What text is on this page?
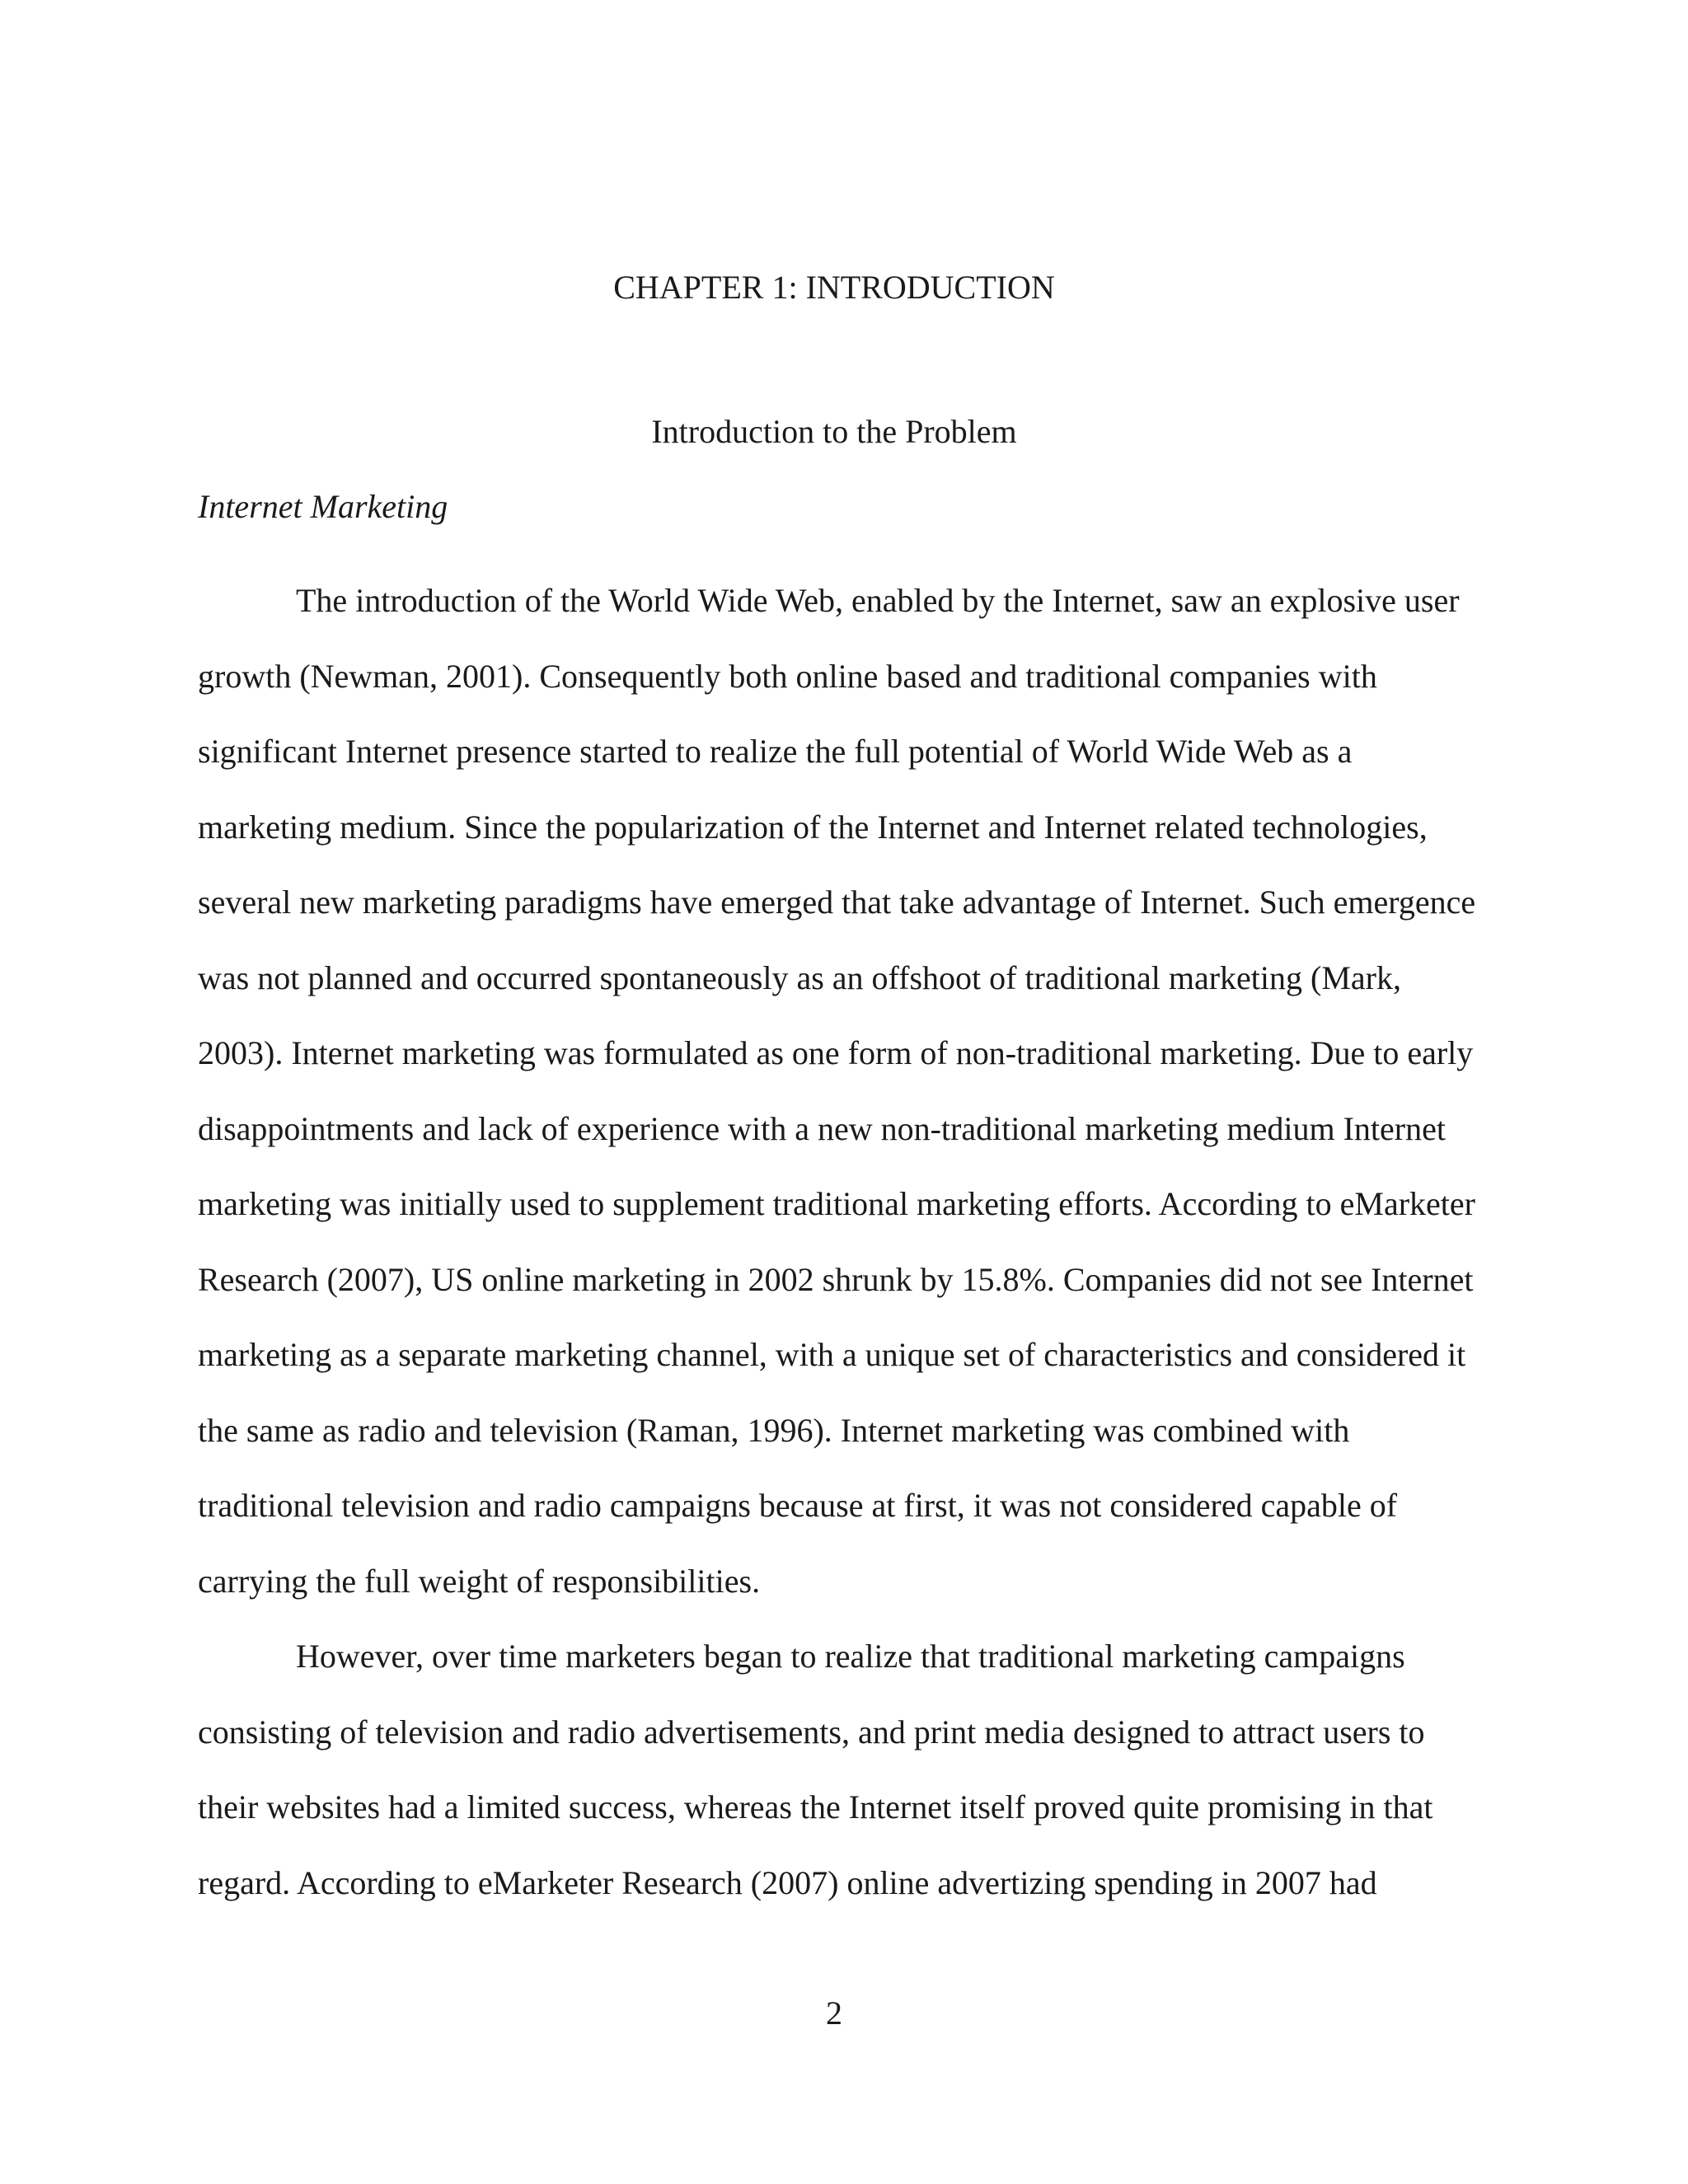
CHAPTER 1: INTRODUCTION
Introduction to the Problem
Internet Marketing
The introduction of the World Wide Web, enabled by the Internet, saw an explosive user
growth (Newman, 2001). Consequently both online based and traditional companies with
significant Internet presence started to realize the full potential of World Wide Web as a
marketing medium. Since the popularization of the Internet and Internet related technologies,
several new marketing paradigms have emerged that take advantage of Internet. Such emergence
was not planned and occurred spontaneously as an offshoot of traditional marketing (Mark,
2003). Internet marketing was formulated as one form of non-traditional marketing. Due to early
disappointments and lack of experience with a new non-traditional marketing medium Internet
marketing was initially used to supplement traditional marketing efforts. According to eMarketer
Research (2007), US online marketing in 2002 shrunk by 15.8%. Companies did not see Internet
marketing as a separate marketing channel, with a unique set of characteristics and considered it
the same as radio and television (Raman, 1996). Internet marketing was combined with
traditional television and radio campaigns because at first, it was not considered capable of
carrying the full weight of responsibilities.
However, over time marketers began to realize that traditional marketing campaigns
consisting of television and radio advertisements, and print media designed to attract users to
their websites had a limited success, whereas the Internet itself proved quite promising in that
regard. According to eMarketer Research (2007) online advertizing spending in 2007 had
2
